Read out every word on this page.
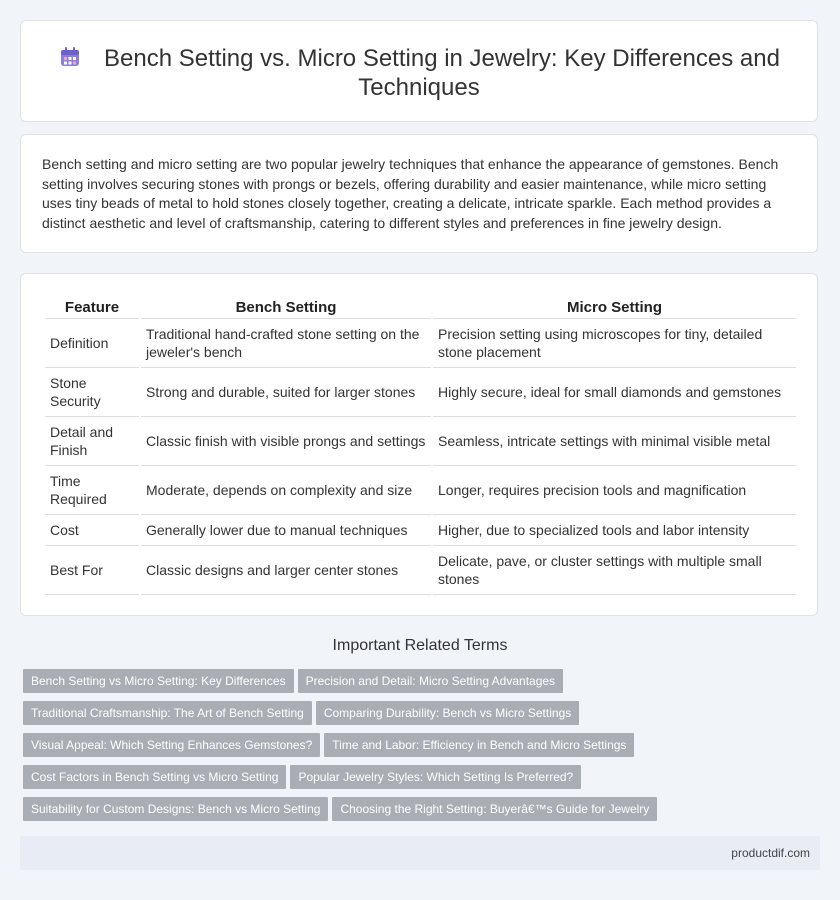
Bench Setting vs. Micro Setting in Jewelry: Key Differences and Techniques

Bench setting and micro setting are two popular jewelry techniques that enhance the appearance of gemstones. Bench setting involves securing stones with prongs or bezels, offering durability and easier maintenance, while micro setting uses tiny beads of metal to hold stones closely together, creating a delicate, intricate sparkle. Each method provides a distinct aesthetic and level of craftsmanship, catering to different styles and preferences in fine jewelry design.

Feature	Bench Setting	Micro Setting
Definition	Traditional hand-crafted stone setting on the jeweler's bench	Precision setting using microscopes for tiny, detailed stone placement
Stone Security	Strong and durable, suited for larger stones	Highly secure, ideal for small diamonds and gemstones
Detail and Finish	Classic finish with visible prongs and settings	Seamless, intricate settings with minimal visible metal
Time Required	Moderate, depends on complexity and size	Longer, requires precision tools and magnification
Cost	Generally lower due to manual techniques	Higher, due to specialized tools and labor intensity
Best For	Classic designs and larger center stones	Delicate, pave, or cluster settings with multiple small stones
Important Related Terms
Bench Setting vs Micro Setting: Key Differences Precision and Detail: Micro Setting Advantages
Traditional Craftsmanship: The Art of Bench Setting Comparing Durability: Bench vs Micro Settings
Visual Appeal: Which Setting Enhances Gemstones? Time and Labor: Efficiency in Bench and Micro Settings
Cost Factors in Bench Setting vs Micro Setting Popular Jewelry Styles: Which Setting Is Preferred?
Suitability for Custom Designs: Bench vs Micro Setting Choosing the Right Setting: Buyerâ€™s Guide for Jewelry
productdif.com
